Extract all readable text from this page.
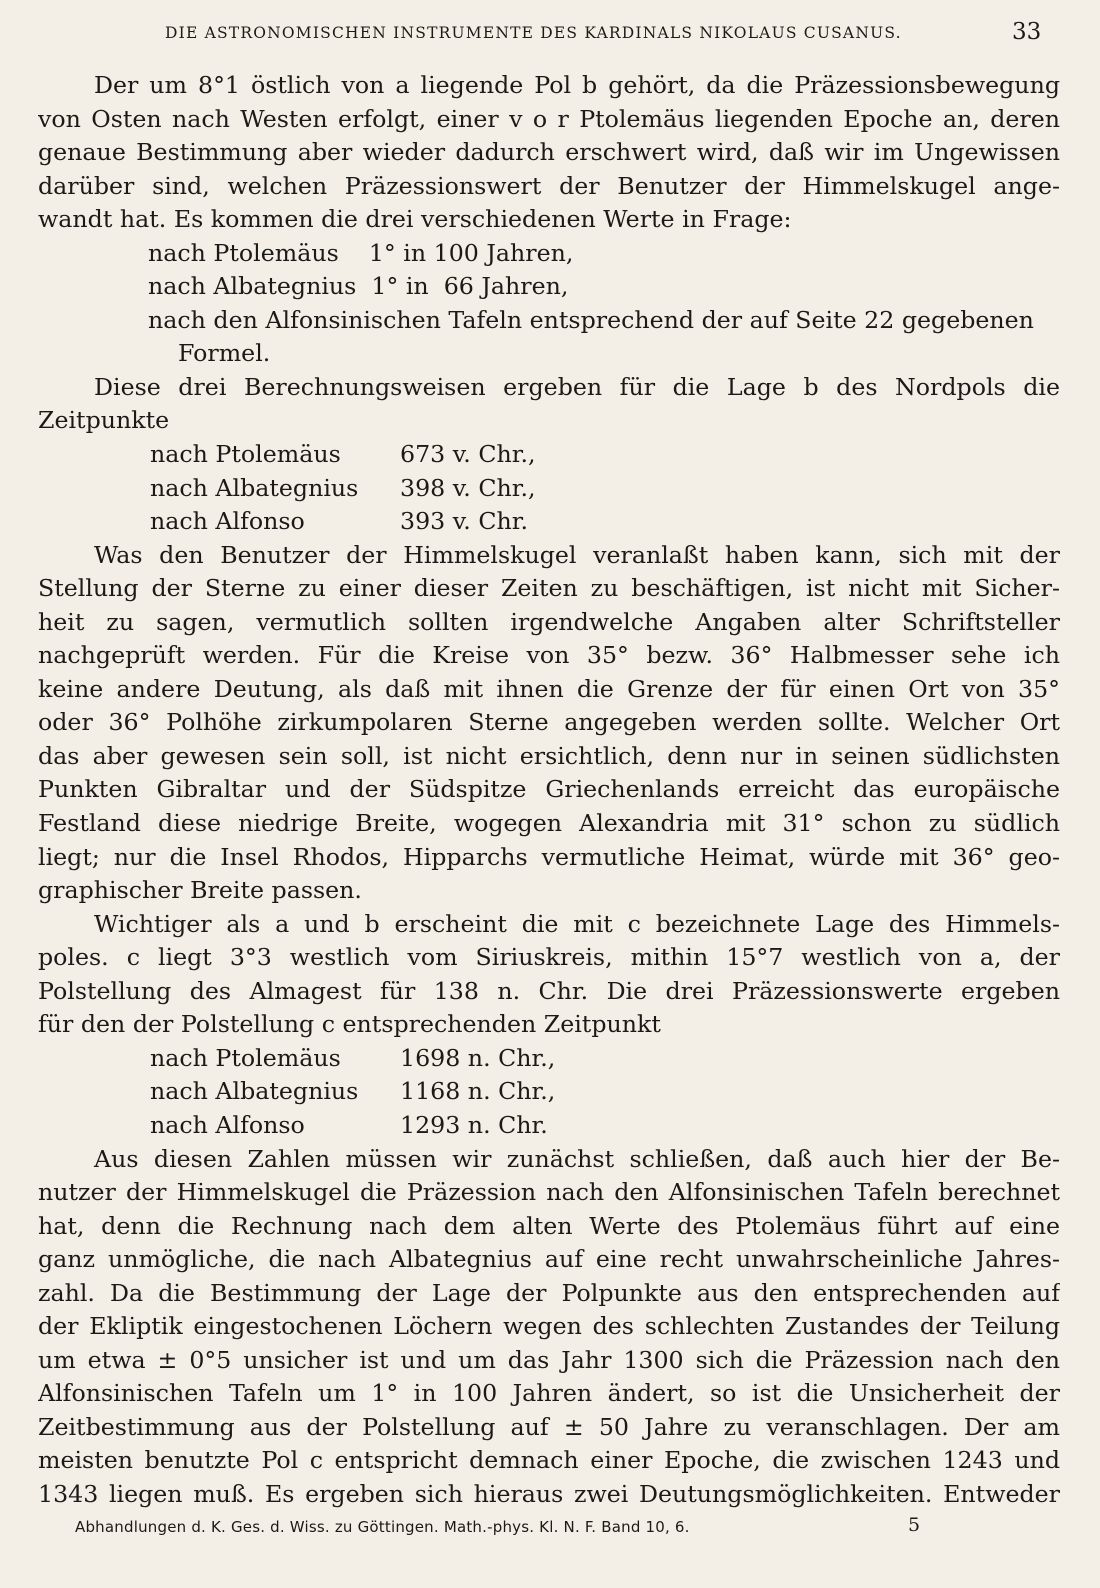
DIE ASTRONOMISCHEN INSTRUMENTE DES KARDINALS NIKOLAUS CUSANUS.	33
Der um 8°1 östlich von a liegende Pol b gehört, da die Präzessionsbewegung
von Osten nach Westen erfolgt, einer v o r Ptolemäus liegenden Epoche an, deren
genaue Bestimmung aber wieder dadurch erschwert wird, daß wir im Ungewissen
darüber sind, welchen Präzessionswert der Benutzer der Himmelskugel ange-
wandt hat. Es kommen die drei verschiedenen Werte in Frage:
nach Ptolemäus    1° in 100 Jahren,
nach Albategnius  1° in  66 Jahren,
nach den Alfonsinischen Tafeln entsprechend der auf Seite 22 gegebenen
Formel.
Diese drei Berechnungsweisen ergeben für die Lage b des Nordpols die
Zeitpunkte
nach Ptolemäus	673 v. Chr.,
nach Albategnius 398 v. Chr.,
nach Alfonso	393 v. Chr.
Was den Benutzer der Himmelskugel veranlaßt haben kann, sich mit der
Stellung der Sterne zu einer dieser Zeiten zu beschäftigen, ist nicht mit Sicher-
heit zu sagen, vermutlich sollten irgendwelche Angaben alter Schriftsteller
nachgeprüft werden. Für die Kreise von 35° bezw. 36° Halbmesser sehe ich
keine andere Deutung, als daß mit ihnen die Grenze der für einen Ort von 35°
oder 36° Polhöhe zirkumpolaren Sterne angegeben werden sollte. Welcher Ort
das aber gewesen sein soll, ist nicht ersichtlich, denn nur in seinen südlichsten
Punkten Gibraltar und der Südspitze Griechenlands erreicht das europäische
Festland diese niedrige Breite, wogegen Alexandria mit 31° schon zu südlich
liegt; nur die Insel Rhodos, Hipparchs vermutliche Heimat, würde mit 36° geo-
graphischer Breite passen.
Wichtiger als a und b erscheint die mit c bezeichnete Lage des Himmels-
poles. c liegt 3°3 westlich vom Siriuskreis, mithin 15°7 westlich von a, der
Polstellung des Almagest für 138 n. Chr. Die drei Präzessionswerte ergeben
für den der Polstellung c entsprechenden Zeitpunkt
nach Ptolemäus	1698 n. Chr.,
nach Albategnius 1168 n. Chr.,
nach Alfonso	1293 n. Chr.
Aus diesen Zahlen müssen wir zunächst schließen, daß auch hier der Be-
nutzer der Himmelskugel die Präzession nach den Alfonsinischen Tafeln berechnet
hat, denn die Rechnung nach dem alten Werte des Ptolemäus führt auf eine
ganz unmögliche, die nach Albategnius auf eine recht unwahrscheinliche Jahres-
zahl. Da die Bestimmung der Lage der Polpunkte aus den entsprechenden auf
der Ekliptik eingestochenen Löchern wegen des schlechten Zustandes der Teilung
um etwa ± 0°5 unsicher ist und um das Jahr 1300 sich die Präzession nach den
Alfonsinischen Tafeln um 1° in 100 Jahren ändert, so ist die Unsicherheit der
Zeitbestimmung aus der Polstellung auf ± 50 Jahre zu veranschlagen. Der am
meisten benutzte Pol c entspricht demnach einer Epoche, die zwischen 1243 und
1343 liegen muß. Es ergeben sich hieraus zwei Deutungsmöglichkeiten. Entweder
Abhandlungen d. K. Ges. d. Wiss. zu Göttingen. Math.-phys. Kl. N. F. Band 10, 6.	5
